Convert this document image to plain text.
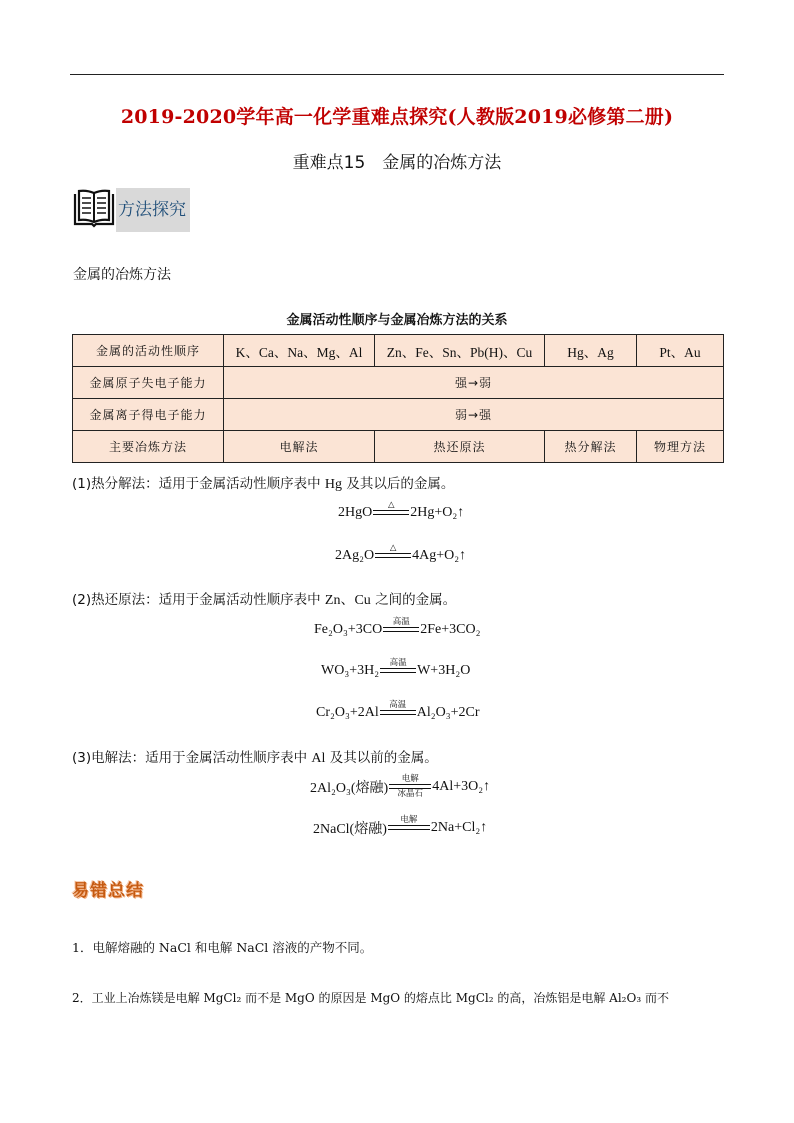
2019-2020学年高一化学重难点探究(人教版2019必修第二册)
重难点15　金属的冶炼方法
方法探究
金属的冶炼方法
金属活动性顺序与金属冶炼方法的关系
金属的活动性顺序	K、Ca、Na、Mg、Al	Zn、Fe、Sn、Pb(H)、Cu	Hg、Ag	Pt、Au
金属原子失电子能力	强→弱			
金属离子得电子能力	弱→强			
主要冶炼方法	电解法	热还原法	热分解法	物理方法
(1)热分解法：适用于金属活动性顺序表中 Hg 及其以后的金属。
2HgO △ 2Hg+O₂↑
2Ag₂O △ 4Ag+O₂↑
(2)热还原法：适用于金属活动性顺序表中 Zn、Cu 之间的金属。
Fe₂O₃+3CO 高温 2Fe+3CO₂
WO₃+3H₂ 高温 W+3H₂O
Cr₂O₃+2Al 高温 Al₂O₃+2Cr
(3)电解法：适用于金属活动性顺序表中 Al 及其以前的金属。
2Al₂O₃(熔融)
电解
冰晶石
4Al+3O₂↑
2NaCl(熔融)
电解 2Na+Cl₂↑
易错总结
1．电解熔融的 NaCl 和电解 NaCl 溶液的产物不同。
2．工业上冶炼镁是电解 MgCl₂ 而不是 MgO 的原因是 MgO 的熔点比 MgCl₂ 的高，冶炼铝是电解 Al₂O₃ 而不
